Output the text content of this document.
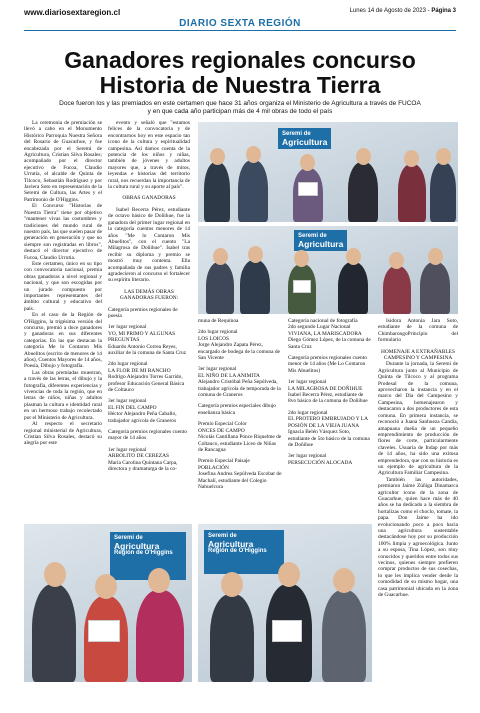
www.diariosextaregion.cl
DIARIO SEXTA REGIÓN
Lunes 14 de Agosto de 2023 - Página 3
Ganadores regionales concurso
Historia de Nuestra Tierra
Doce fueron los y las premiados en este certamen que hace 31 años organiza el Ministerio de Agricultura a través de FUCOA
y en que cada año participan más de 4 mil obras de todo el país

La ceremonia de premiación se llevó a cabo en el Monumento Histórico Parroquia Nuestra Señora del Rosario de Guacarhue, y fue encabezada por el Seremi de Agricultura, Cristian Silva Rosales; acompañado por el director ejecutivo de Fucoa, Claudio Urrutia, el alcalde de Quinta de Tilcoco, Sebastián Rodríguez y por Javiera Soto en representación de la Seremi de Cultura, las Artes y el Patrimonio de O'Higgins.

El Concurso "Historias de Nuestra Tierra" tiene por objetivo "mantener vivas las costumbres y tradiciones del mundo rural de nuestro país, las que suelen pasar de generación en generación y que no siempre son registradas en libros", destacó el director ejecutivo de Fucoa, Claudio Urrutia.

Este certamen, único en su tipo con convocatoria nacional, premia obras ganadoras a nivel regional y nacional, y que son escogidas por un jurado compuesto por importantes representantes del ámbito cultural y educativo del país.

En el caso de la Región de O'Higgins, la trigésima versión del concurso, premió a doce ganadores y ganadoras en sus diferentes categorías. En las que destacan la categoría Me lo Contaron Mis Abuelitos (escrito de menores de 14 años), Cuentos Mayores de 14 años, Poesía, Dibujo y fotografía.

Las obras premiadas muestran, a través de las letras, el dibujo y la fotografía, diferentes experiencias y vivencias de toda la región, que en letras de niños, niñas y adultos plasman la cultura e identidad rural en un hermoso trabajo recolectado por el Ministerio de Agricultura.

Al respecto el secretario regional ministerial de Agricultura, Cristian Silva Rosales, destacó su alegría por este

evento y señaló que "estamos felices de la convocatoria y de encontrarnos hoy en este espacio tan icono de la cultura y espiritualidad campesina. Así damos cuenta de la potencia de los niños y niñas, también de jóvenes y adultos mayores que, a través de mitos, leyendas e historias del territorio rural, nos recuerdan la importancia de la cultura rural y su aporte al país".

OBRAS GANADORAS

Isabel Becerra Pérez, estudiante de octavo básico de Doñihue, fue la ganadora del primer lugar regional en la categoría cuentos menores de 14 años "Me lo Contaron Mis Abuelitos", con el cuento "La Milagrosa de Doñihue". Isabel tras recibir su diploma y premio se mostró muy contenta. Ella acompañada de sus padres y familia agradecieron al concurso el fortalecer su espíritu literario.

LAS DEMÁS OBRAS GANADORAS FUERON:

Categoría premios regionales de poesía

1er lugar regional

YO, MI PRIMO Y ALGUNAS PREGUNTAS

Eduardo Antonio Correa Reyes, auxiliar de la comuna de Santa Cruz

2do lugar regional

LA FLOR DE MI RANCHO

Rodrigo Alejandro Torres Garrido, profesor Educación General Básica de Coltauco

3er lugar regional

EL FIN DEL CAMPO

Héctor Alejandro Peña Caballo, trabajador agrícola de Graneros

Categoría premios regionales cuento mayor de 14 años

1er lugar regional

ARBOLITO DE CEREZAS

María Carolina Quintana Carpa, directora y dramaturga de la co-

muna de Requínoa

2do lugar regional

LOS LOICOS

Jorge Alejandro Zapata Pérez, encargado de bodega de la comuna de San Vicente

3er lugar regional

EL NIÑO DE LA ANIMITA

Alejandro Cristóbal Peña Sepúlveda, trabajador agrícola de temporada de la comuna de Graneros

Categoría premios especiales dibujo enseñanza básica

Premio Especial Color

ONCES DE CAMPO

Nicolás Cantillana Ponce Riquelme de Coltauco, estudiante Liceo de Niñas de Rancagua

Premio Especial Paisaje

POBLACIÓN

Josefina Andrea Sepúlveda Escobar de Machalí, estudiante del Colegio Nahuelcura

Categoría nacional de fotografía

2do segundo Lugar Nacional

VIVIANA, LA MARISCADORA

Diego Gómez López, de la comuna de Santa Cruz

Categoría premios regionales cuento menor de 14 años (Me Lo Contaron Mis Abuelitos)

1er lugar regional

LA MILAGROSA DE DOÑIHUE

Isabel Becerra Pérez, estudiante de 8vo básico de la comuna de Doñihue

2do lugar regional

EL PROTERO EMBRUJADO Y LA POSIÓN DE LA VIEJA JUANA

Ignacia Belén Vásquez Soto, estudiante de 5to básico de la comuna de Doñihue

3er lugar regional

PERSECUCIÓN ALOCADA

Isidora Antonia Jara Soto, estudiante de la comuna de ChimbarongoPrincipio del formulario

HOMENAJE A EXTRAÑABLES CAMPESINO Y CAMPESINA

Durante la jornada, la Seremi de Agricultura junto al Municipio de Quinta de Tilcoco y al programa Prodesal de la comuna, aprovecharon la instancia y en el marco del Día del Campesino y Campesina, homenajearon y destacaron a dos productores de esta comuna. En primera instancia, se reconoció a Juana Sanhueza Candia, amapuana dueña de un pequeño emprendimiento de producción de flores de corte, particularmente claveles. Usuaria de Indap por más de 14 años, ha sido una exitosa emprendedora, que con su historia es un ejemplo de agricultura de la Agricultura Familiar Campesina.

También las autoridades, premiaron Jaime Zúñiga Dinamarca agricultor icono de la zona de Guacarhue, quien hace más de 40 años se ha dedicado a la siembra de hortalizas como el choclo, tomate, la papa. Don Jaime ha ido evolucionando poco a poco hacia una agricultura sustentable destacándose hoy por su producción 100% limpia y agroecológica. Junto a su esposa, Tina López, son muy conocidos y queridos entre todos sus vecinos, quienes siempre prefieren comprar productos de sus cosechas, lo que les implica vender desde la comodidad de su mismo hogar, una casa patrimonial ubicada en la zona de Guacarhue.

Seremi de
Agricultura
Seremi de
Agricultura
Seremi de
Agricultura
Región de O'Higgins
Seremi de
Agricultura
Región de O'Higgins
